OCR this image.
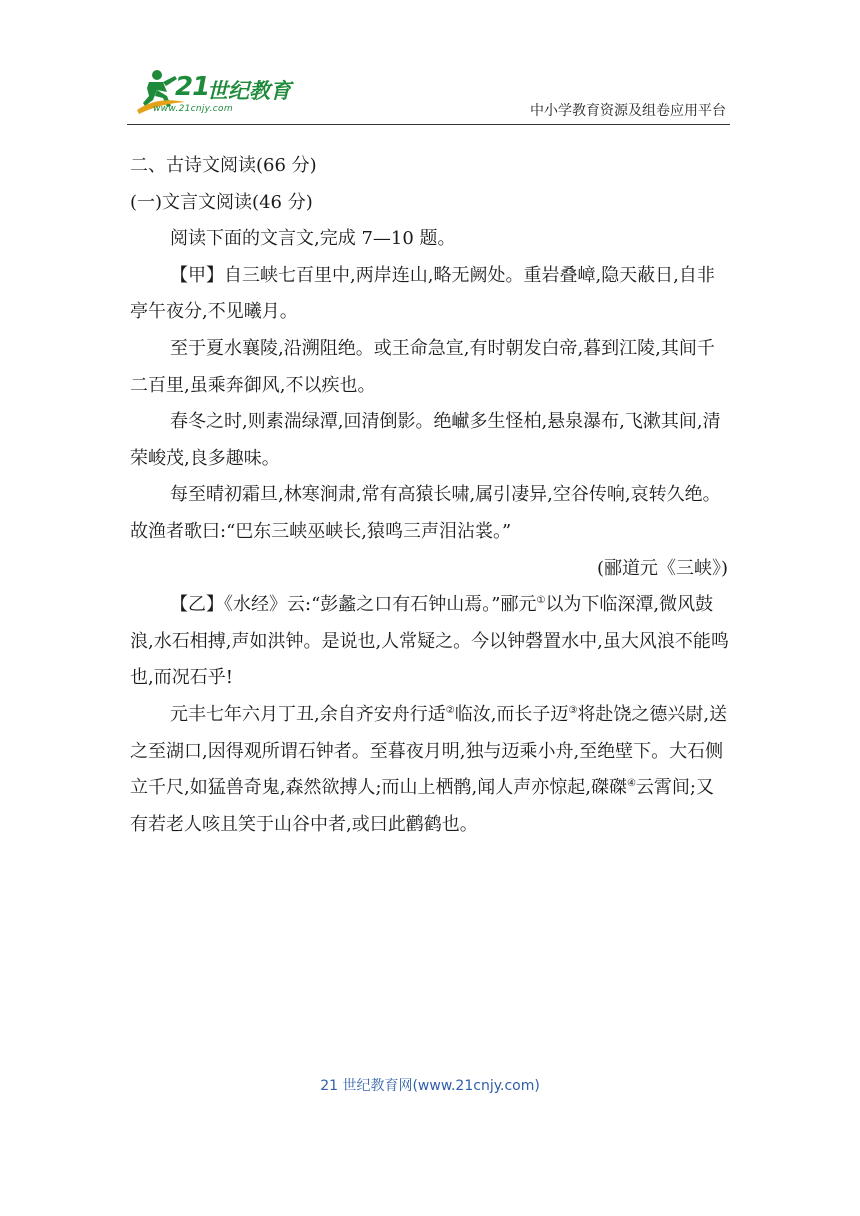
21
世纪教育
www.21cnjy.com	中小学教育资源及组卷应用平台

二、古诗文阅读(66 分)

(一)文言文阅读(46 分)

阅读下面的文言文,完成 7—10 题。

【甲】自三峡七百里中,两岸连山,略无阙处。重岩叠嶂,隐天蔽日,自非亭午夜分,不见曦月。

至于夏水襄陵,沿溯阻绝。或王命急宣,有时朝发白帝,暮到江陵,其间千二百里,虽乘奔御风,不以疾也。

春冬之时,则素湍绿潭,回清倒影。绝𪩘多生怪柏,悬泉瀑布,飞漱其间,清荣峻茂,良多趣味。

每至晴初霜旦,林寒涧肃,常有高猿长啸,属引凄异,空谷传响,哀转久绝。故渔者歌曰:“巴东三峡巫峡长,猿鸣三声泪沾裳。”

(郦道元《三峡》)

【乙】《水经》云:“彭蠡之口有石钟山焉。”郦元①以为下临深潭,微风鼓浪,水石相搏,声如洪钟。是说也,人常疑之。今以钟磬置水中,虽大风浪不能鸣也,而况石乎!

元丰七年六月丁丑,余自齐安舟行适②临汝,而长子迈③将赴饶之德兴尉,送之至湖口,因得观所谓石钟者。至暮夜月明,独与迈乘小舟,至绝壁下。大石侧立千尺,如猛兽奇鬼,森然欲搏人;而山上栖鹘,闻人声亦惊起,磔磔④云霄间;又有若老人咳且笑于山谷中者,或曰此鹳鹤也。

21 世纪教育网(www.21cnjy.com)
